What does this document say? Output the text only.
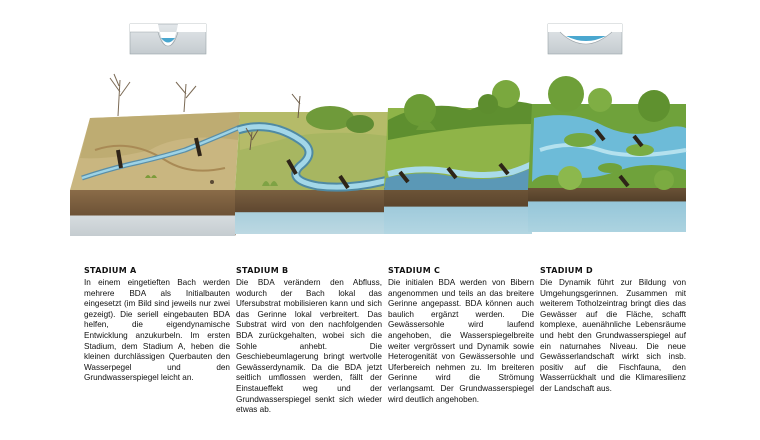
STADIUM A

In einem eingetieften Bach werden mehrere BDA als Initialbauten eingesetzt (im Bild sind jeweils nur zwei gezeigt). Die seriell eingebauten BDA helfen, die eigendynamische Entwicklung anzukurbeln. Im ersten Stadium, dem Stadium A, heben die kleinen durchlässigen Querbauten den Wasserpegel und den Grundwasserspiegel leicht an.

STADIUM B

Die BDA verändern den Abfluss, wodurch der Bach lokal das Ufersubstrat mobilisieren kann und sich das Gerinne lokal verbreitert. Das Substrat wird von den nachfolgenden BDA zurückgehalten, wobei sich die Sohle anhebt. Die Geschiebeumlagerung bringt wertvolle Gewässerdynamik. Da die BDA jetzt seitlich umflossen werden, fällt der Einstaueffekt weg und der Grundwasserspiegel senkt sich wieder etwas ab.

STADIUM C

Die initialen BDA werden von Bibern angenommen und teils an das breitere Gerinne angepasst. BDA können auch baulich ergänzt werden. Die Gewässersohle wird laufend angehoben, die Wasserspiegelbreite weiter vergrössert und Dynamik sowie Heterogenität von Gewässersohle und Uferbereich nehmen zu. Im breiteren Gerinne wird die Strömung verlangsamt. Der Grundwasserspiegel wird deutlich angehoben.

STADIUM D

Die Dynamik führt zur Bildung von Umgehungsgerinnen. Zusammen mit weiterem Totholzeintrag bringt dies das Gewässer auf die Fläche, schafft komplexe, auenähnliche Lebensräume und hebt den Grundwasserspiegel auf ein naturnahes Niveau. Die neue Gewässerlandschaft wirkt sich insb. positiv auf die Fischfauna, den Wasserrückhalt und die Klimaresilienz der Landschaft aus.
